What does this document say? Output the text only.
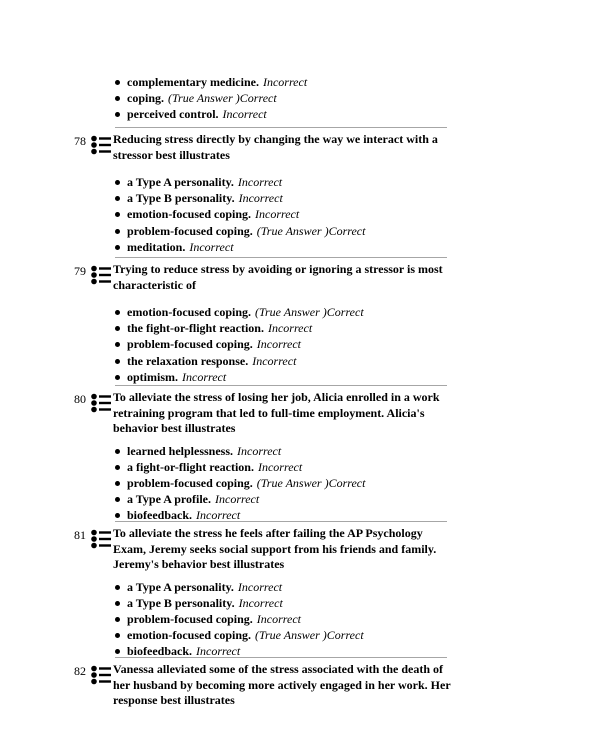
complementary medicine. Incorrect
coping. (True Answer )Correct
perceived control. Incorrect
78 Reducing stress directly by changing the way we interact with a stressor best illustrates
a Type A personality. Incorrect
a Type B personality. Incorrect
emotion-focused coping. Incorrect
problem-focused coping. (True Answer )Correct
meditation. Incorrect
79 Trying to reduce stress by avoiding or ignoring a stressor is most characteristic of
emotion-focused coping. (True Answer )Correct
the fight-or-flight reaction. Incorrect
problem-focused coping. Incorrect
the relaxation response. Incorrect
optimism. Incorrect
80 To alleviate the stress of losing her job, Alicia enrolled in a work retraining program that led to full-time employment. Alicia's behavior best illustrates
learned helplessness. Incorrect
a fight-or-flight reaction. Incorrect
problem-focused coping. (True Answer )Correct
a Type A profile. Incorrect
biofeedback. Incorrect
81 To alleviate the stress he feels after failing the AP Psychology Exam, Jeremy seeks social support from his friends and family. Jeremy's behavior best illustrates
a Type A personality. Incorrect
a Type B personality. Incorrect
problem-focused coping. Incorrect
emotion-focused coping. (True Answer )Correct
biofeedback. Incorrect
82 Vanessa alleviated some of the stress associated with the death of her husband by becoming more actively engaged in her work. Her response best illustrates
